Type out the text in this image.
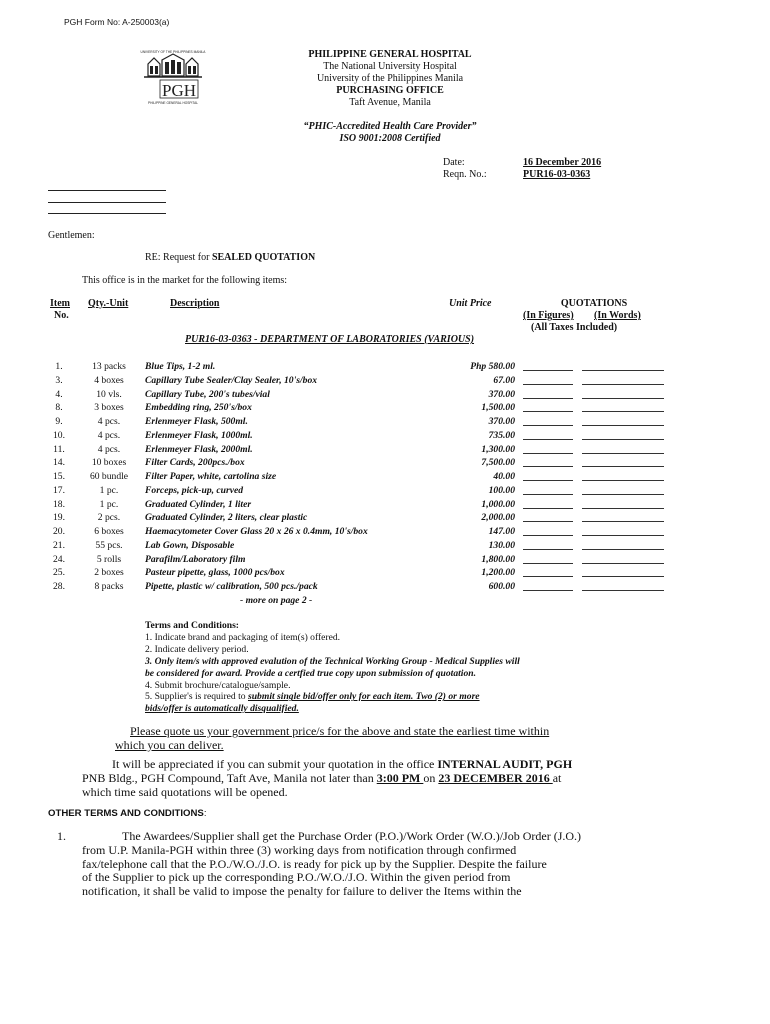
PGH Form No: A-250003(a)
UNIVERSITY OF THE PHILIPPINES MANILA
PGH
PHILIPPINE GENERAL HOSPITAL
PHILIPPINE GENERAL HOSPITAL
The National University Hospital
University of the Philippines Manila
PURCHASING OFFICE
Taft Avenue, Manila
“PHIC-Accredited Health Care Provider”
ISO 9001:2008 Certified
Date:	16 December 2016
Reqn. No.:	PUR16-03-0363
Gentlemen:
RE: Request for SEALED QUOTATION
This office is in the market for the following items:
Item
No.
Qty.-Unit	Description	Unit Price	QUOTATIONS
(In Figures) (In Words)
(All Taxes Included)
PUR16-03-0363 - DEPARTMENT OF LABORATORIES (VARIOUS)
1.	13 packs	Blue Tips, 1-2 ml.	Php 580.00
3.	4 boxes	Capillary Tube Sealer/Clay Sealer, 10's/box	67.00
4.	10 vls.	Capillary Tube, 200's tubes/vial	370.00
8.	3 boxes	Embedding ring, 250's/box	1,500.00
9.	4 pcs.	Erlenmeyer Flask, 500ml.	370.00
10.	4 pcs.	Erlenmeyer Flask, 1000ml.	735.00
11.	4 pcs.	Erlenmeyer Flask, 2000ml.	1,300.00
14.	10 boxes	Filter Cards, 200pcs./box	7,500.00
15.	60 bundle	Filter Paper, white, cartolina size	40.00
17.	1 pc.	Forceps, pick-up, curved	100.00
18.	1 pc.	Graduated Cylinder, 1 liter	1,000.00
19.	2 pcs.	Graduated Cylinder, 2 liters, clear plastic	2,000.00
20.	6 boxes	Haemacytometer Cover Glass 20 x 26 x 0.4mm, 10's/box	147.00
21.	55 pcs.	Lab Gown, Disposable	130.00
24.	5 rolls	Parafilm/Laboratory film	1,800.00
25.	2 boxes	Pasteur pipette, glass, 1000 pcs/box	1,200.00
28.	8 packs	Pipette, plastic w/ calibration, 500 pcs./pack	600.00
- more on page 2 -
Terms and Conditions:
1. Indicate brand and packaging of item(s) offered.
2. Indicate delivery period.
3. Only item/s with approved evalution of the Technical Working Group - Medical Supplies will
be considered for award. Provide a certfied true copy upon submission of quotation.
4. Submit brochure/catalogue/sample.
5. Supplier's is required to submit single bid/offer only for each item. Two (2) or more
bids/offer is automatically disqualified.
Please quote us your government price/s for the above and state the earliest time within
which you can deliver.
It will be appreciated if you can submit your quotation in the office INTERNAL AUDIT, PGH
PNB Bldg., PGH Compound, Taft Ave, Manila not later than 3:00 PM on 23 DECEMBER 2016 at
which time said quotations will be opened.
OTHER TERMS AND CONDITIONS:
1.	The Awardees/Supplier shall get the Purchase Order (P.O.)/Work Order (W.O.)/Job Order (J.O.)
from U.P. Manila-PGH within three (3) working days from notification through confirmed
fax/telephone call that the P.O./W.O./J.O. is ready for pick up by the Supplier. Despite the failure
of the Supplier to pick up the corresponding P.O./W.O./J.O. Within the given period from
notification, it shall be valid to impose the penalty for failure to deliver the Items within the
